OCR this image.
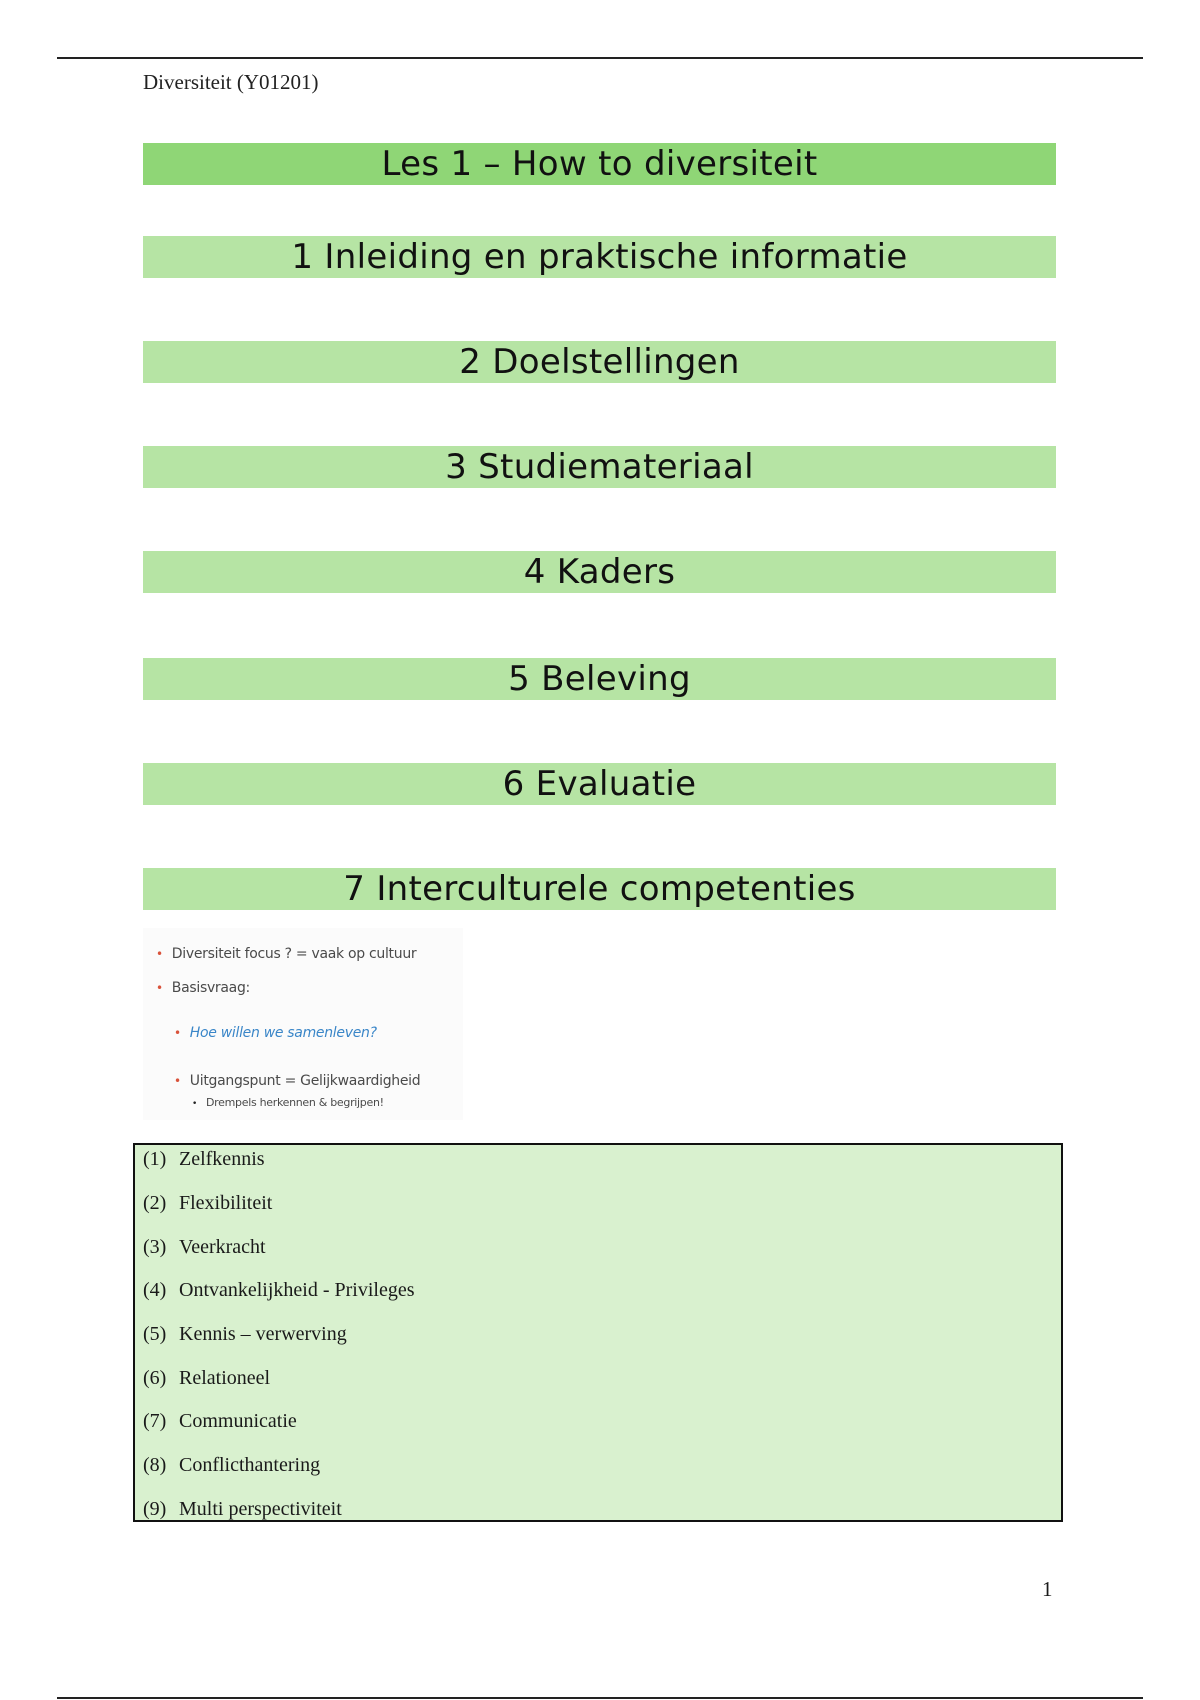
Diversiteit (Y01201)
Les 1 – How to diversiteit
1 Inleiding en praktische informatie
2 Doelstellingen
3 Studiemateriaal
4 Kaders
5 Beleving
6 Evaluatie
7 Interculturele competenties
• Diversiteit focus ? = vaak op cultuur
• Basisvraag:
• Hoe willen we samenleven?
• Uitgangspunt = Gelijkwaardigheid
• Drempels herkennen & begrijpen!
(1) Zelfkennis
(2) Flexibiliteit
(3) Veerkracht
(4) Ontvankelijkheid - Privileges
(5) Kennis – verwerving
(6) Relationeel
(7) Communicatie
(8) Conflicthantering
(9) Multi perspectiviteit
1
